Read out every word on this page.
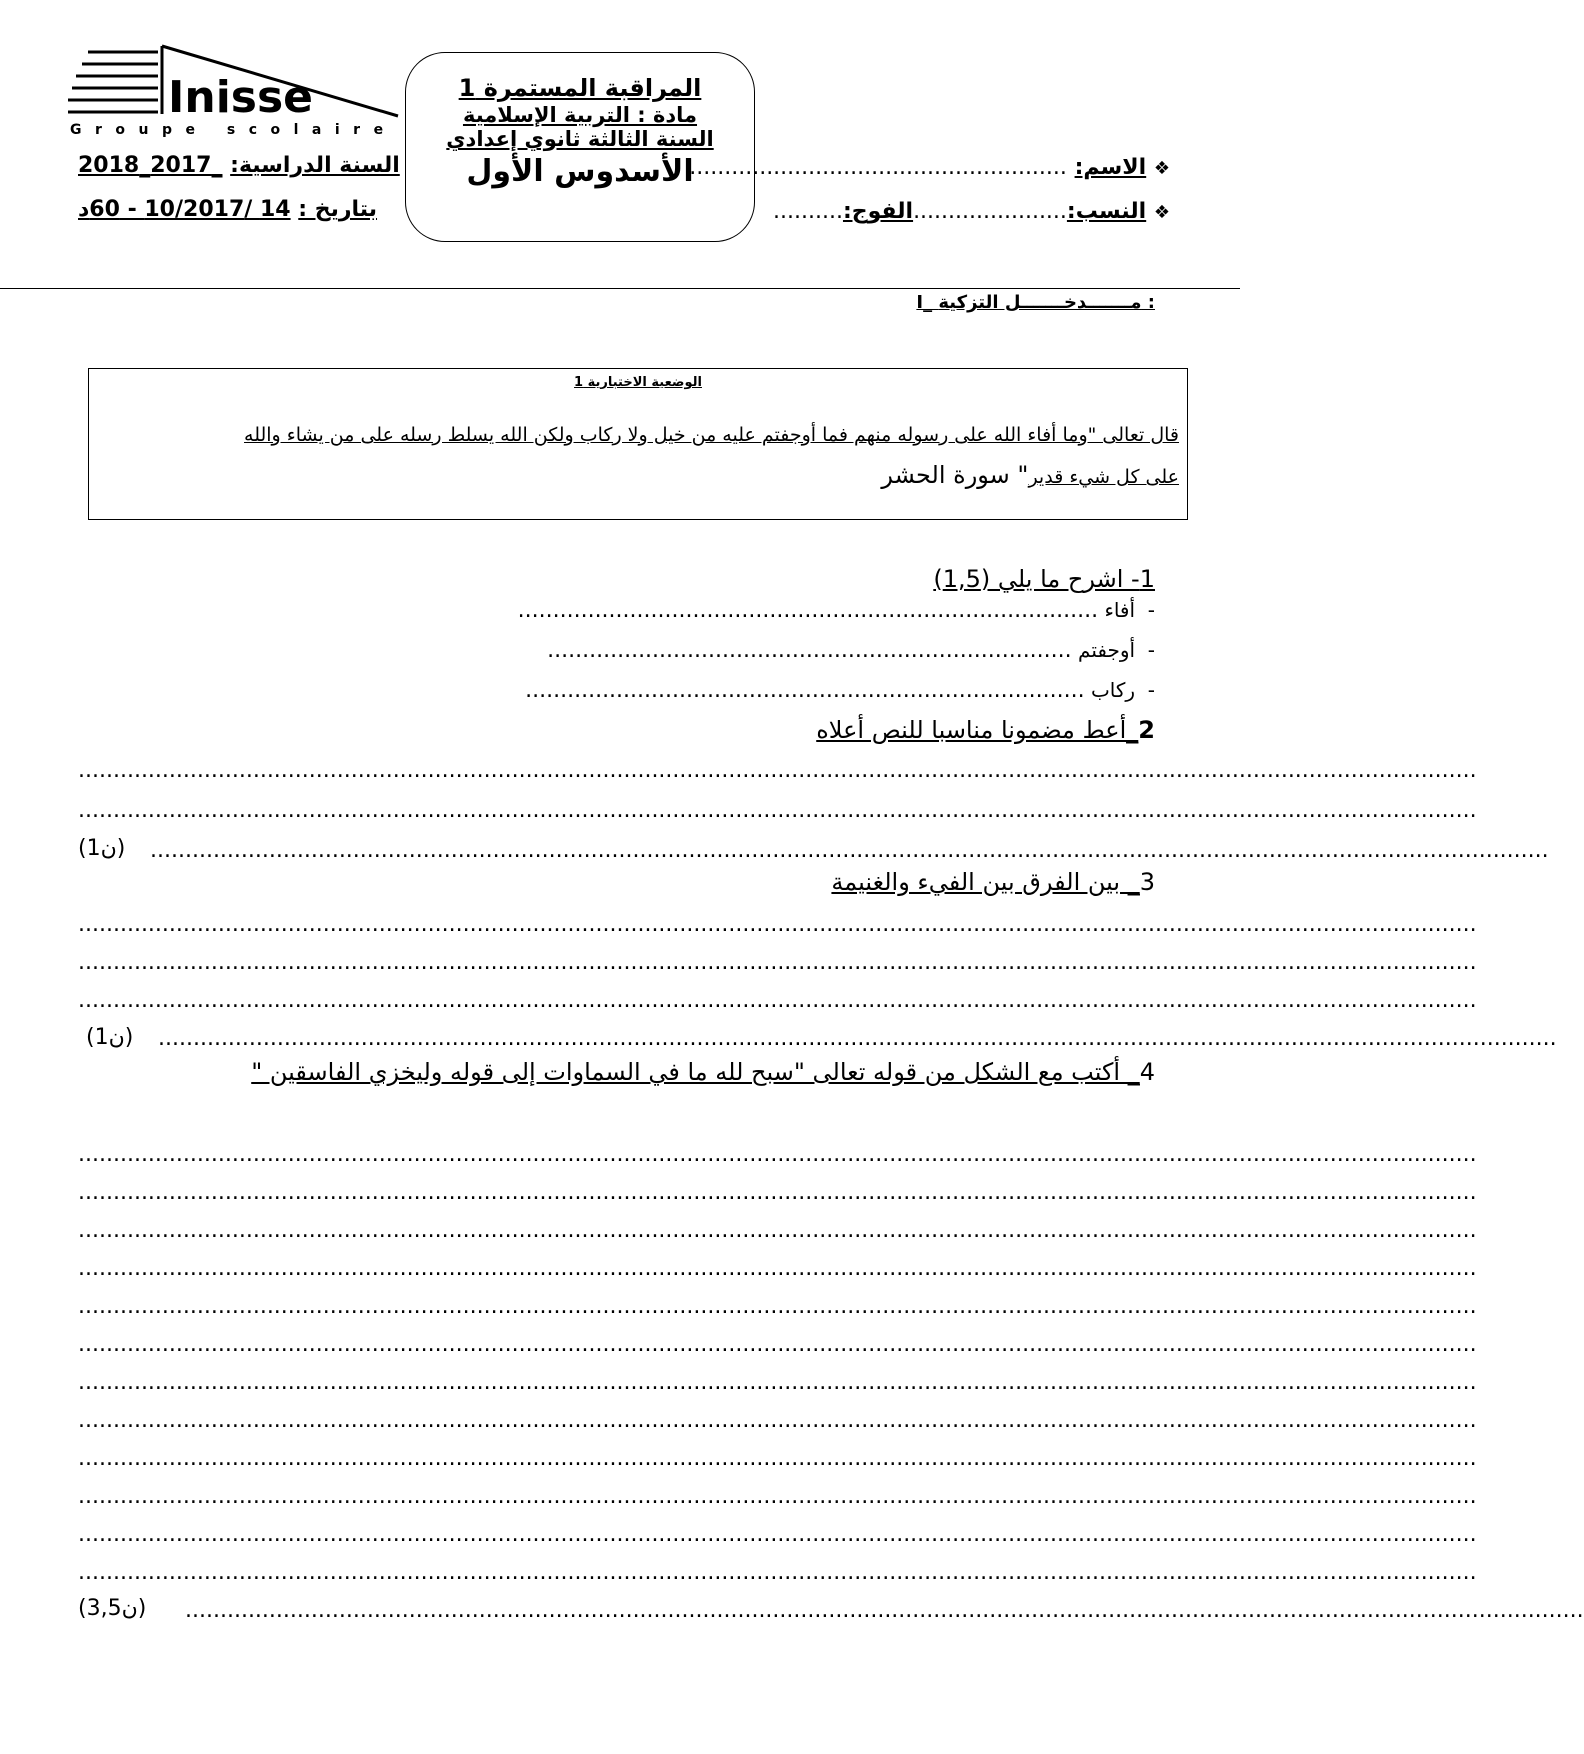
Inisse
Groupe scolaire
السنة الدراسية: _2017_2018
بتاريخ : 14 /10/2017 - 60د
المراقبة المستمرة 1
مادة : التربية الإسلامية
السنة الثالثة ثانوي إعدادي
الأسدوس الأول	❖ الاسم: ......................................................
❖ النسب:......................الفوج:..........
I_ مـــــــدخـــــــل التزكية :
الوضعية الاختبارية 1
قال تعالى "وما أفاء الله على رسوله منهم فما أوجفتم عليه من خيل ولا ركاب ولكن الله يسلط رسله على من يشاء والله
على كل شيء قدير" سورة الحشر
1- اشرح ما يلي (1,5)
-  أفاء ...................................................................................
-  أوجفتم ...........................................................................
-  ركاب ................................................................................
2_أعط مضمونا مناسبا للنص أعلاه
........................................................................................................................................................................................................
........................................................................................................................................................................................................
........................................................................................................................................................................................................
(1ن)
3_ بين الفرق بين الفيء والغنيمة
........................................................................................................................................................................................................
........................................................................................................................................................................................................
........................................................................................................................................................................................................
........................................................................................................................................................................................................
(1ن)
4_ أكتب مع الشكل من قوله تعالى "سبح لله ما في السماوات إلى قوله وليخزي الفاسقين "
........................................................................................................................................................................................................
........................................................................................................................................................................................................
........................................................................................................................................................................................................
........................................................................................................................................................................................................
........................................................................................................................................................................................................
........................................................................................................................................................................................................
........................................................................................................................................................................................................
........................................................................................................................................................................................................
........................................................................................................................................................................................................
........................................................................................................................................................................................................
........................................................................................................................................................................................................
........................................................................................................................................................................................................
........................................................................................................................................................................................................
(3,5ن)
